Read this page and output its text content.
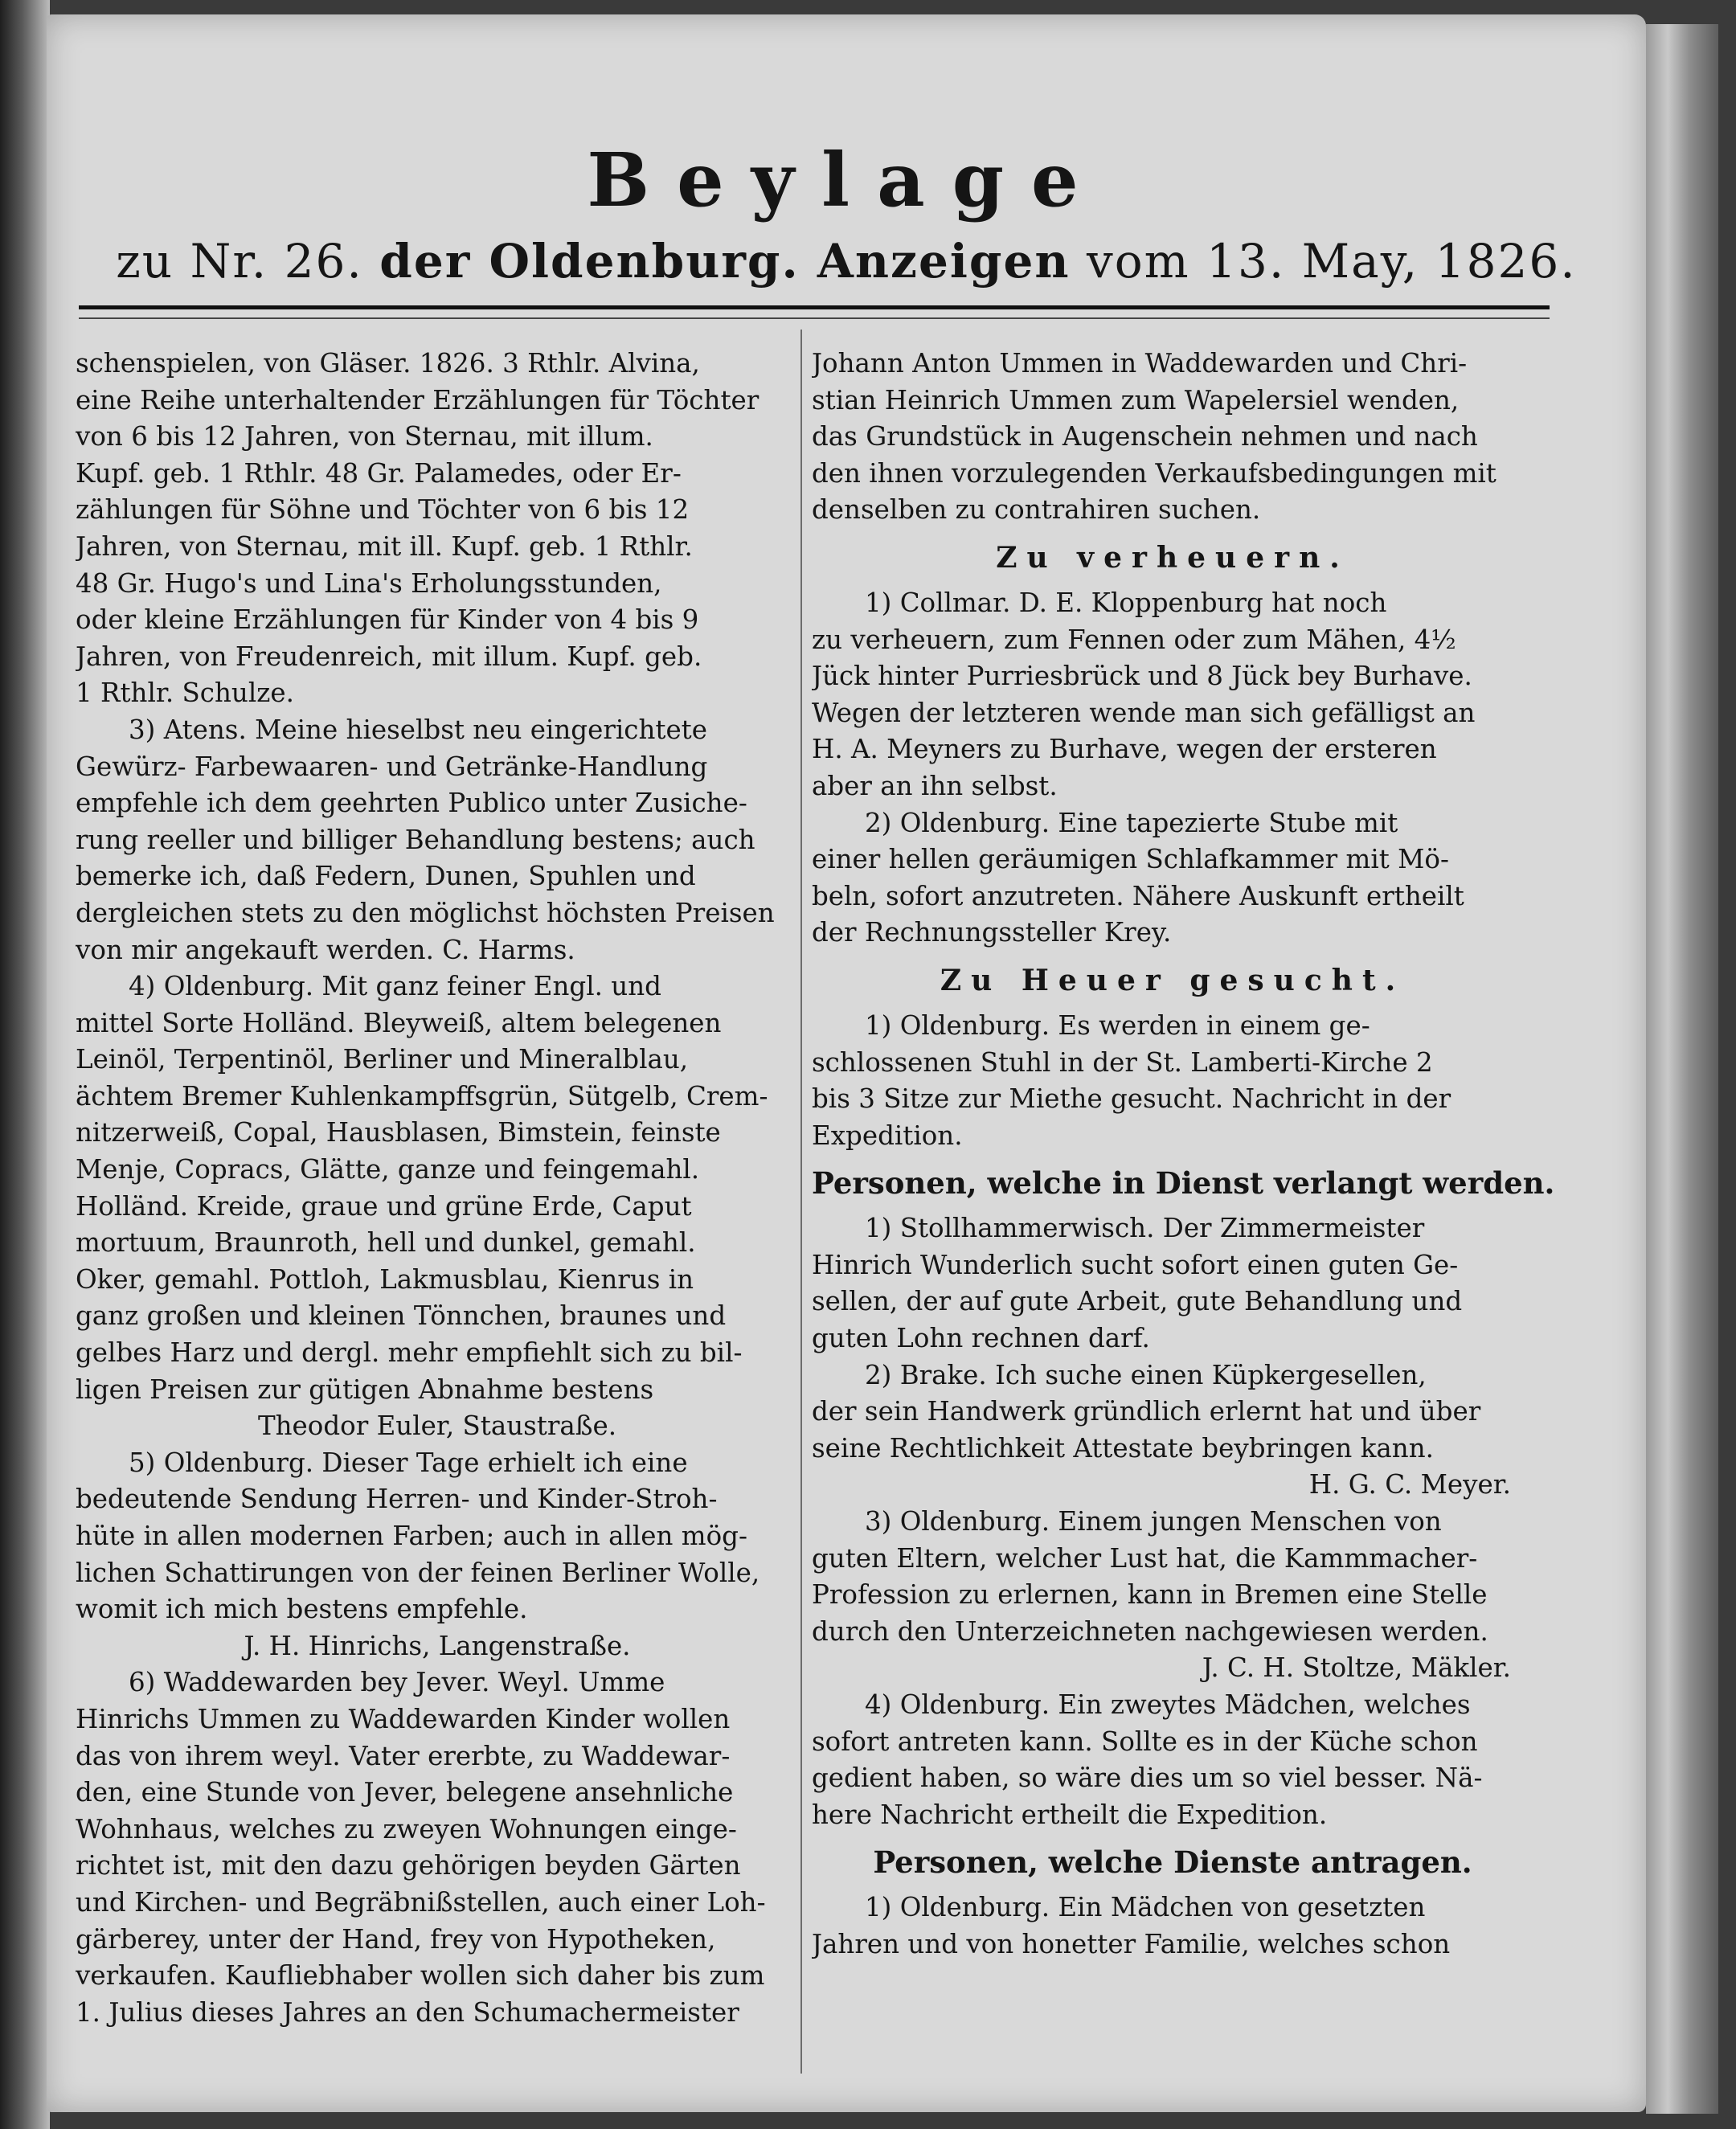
Beylage
zu Nr. 26. der Oldenburg. Anzeigen vom 13. May, 1826.
schenspielen, von Gläser. 1826. 3 Rthlr. Alvina,
eine Reihe unterhaltender Erzählungen für Töchter
von 6 bis 12 Jahren, von Sternau, mit illum.
Kupf. geb. 1 Rthlr. 48 Gr. Palamedes, oder Er-
zählungen für Söhne und Töchter von 6 bis 12
Jahren, von Sternau, mit ill. Kupf. geb. 1 Rthlr.
48 Gr. Hugo's und Lina's Erholungsstunden,
oder kleine Erzählungen für Kinder von 4 bis 9
Jahren, von Freudenreich, mit illum. Kupf. geb.
1 Rthlr. Schulze.
3) Atens. Meine hieselbst neu eingerichtete
Gewürz- Farbewaaren- und Getränke-Handlung
empfehle ich dem geehrten Publico unter Zusiche-
rung reeller und billiger Behandlung bestens; auch
bemerke ich, daß Federn, Dunen, Spuhlen und
dergleichen stets zu den möglichst höchsten Preisen
von mir angekauft werden. C. Harms.
4) Oldenburg. Mit ganz feiner Engl. und
mittel Sorte Holländ. Bleyweiß, altem belegenen
Leinöl, Terpentinöl, Berliner und Mineralblau,
ächtem Bremer Kuhlenkampffsgrün, Sütgelb, Crem-
nitzerweiß, Copal, Hausblasen, Bimstein, feinste
Menje, Copracs, Glätte, ganze und feingemahl.
Holländ. Kreide, graue und grüne Erde, Caput
mortuum, Braunroth, hell und dunkel, gemahl.
Oker, gemahl. Pottloh, Lakmusblau, Kienrus in
ganz großen und kleinen Tönnchen, braunes und
gelbes Harz und dergl. mehr empfiehlt sich zu bil-
ligen Preisen zur gütigen Abnahme bestens
Theodor Euler, Staustraße.
5) Oldenburg. Dieser Tage erhielt ich eine
bedeutende Sendung Herren- und Kinder-Stroh-
hüte in allen modernen Farben; auch in allen mög-
lichen Schattirungen von der feinen Berliner Wolle,
womit ich mich bestens empfehle.
J. H. Hinrichs, Langenstraße.
6) Waddewarden bey Jever. Weyl. Umme
Hinrichs Ummen zu Waddewarden Kinder wollen
das von ihrem weyl. Vater ererbte, zu Waddewar-
den, eine Stunde von Jever, belegene ansehnliche
Wohnhaus, welches zu zweyen Wohnungen einge-
richtet ist, mit den dazu gehörigen beyden Gärten
und Kirchen- und Begräbnißstellen, auch einer Loh-
gärberey, unter der Hand, frey von Hypotheken,
verkaufen. Kaufliebhaber wollen sich daher bis zum
1. Julius dieses Jahres an den Schumachermeister
Johann Anton Ummen in Waddewarden und Chri-
stian Heinrich Ummen zum Wapelersiel wenden,
das Grundstück in Augenschein nehmen und nach
den ihnen vorzulegenden Verkaufsbedingungen mit
denselben zu contrahiren suchen.
Zu verheuern.
1) Collmar. D. E. Kloppenburg hat noch
zu verheuern, zum Fennen oder zum Mähen, 4½
Jück hinter Purriesbrück und 8 Jück bey Burhave.
Wegen der letzteren wende man sich gefälligst an
H. A. Meyners zu Burhave, wegen der ersteren
aber an ihn selbst.
2) Oldenburg. Eine tapezierte Stube mit
einer hellen geräumigen Schlafkammer mit Mö-
beln, sofort anzutreten. Nähere Auskunft ertheilt
der Rechnungssteller Krey.
Zu Heuer gesucht.
1) Oldenburg. Es werden in einem ge-
schlossenen Stuhl in der St. Lamberti-Kirche 2
bis 3 Sitze zur Miethe gesucht. Nachricht in der
Expedition.
Personen, welche in Dienst verlangt werden.
1) Stollhammerwisch. Der Zimmermeister
Hinrich Wunderlich sucht sofort einen guten Ge-
sellen, der auf gute Arbeit, gute Behandlung und
guten Lohn rechnen darf.
2) Brake. Ich suche einen Küpkergesellen,
der sein Handwerk gründlich erlernt hat und über
seine Rechtlichkeit Attestate beybringen kann.
H. G. C. Meyer.
3) Oldenburg. Einem jungen Menschen von
guten Eltern, welcher Lust hat, die Kammmacher-
Profession zu erlernen, kann in Bremen eine Stelle
durch den Unterzeichneten nachgewiesen werden.
J. C. H. Stoltze, Mäkler.
4) Oldenburg. Ein zweytes Mädchen, welches
sofort antreten kann. Sollte es in der Küche schon
gedient haben, so wäre dies um so viel besser. Nä-
here Nachricht ertheilt die Expedition.
Personen, welche Dienste antragen.
1) Oldenburg. Ein Mädchen von gesetzten
Jahren und von honetter Familie, welches schon
